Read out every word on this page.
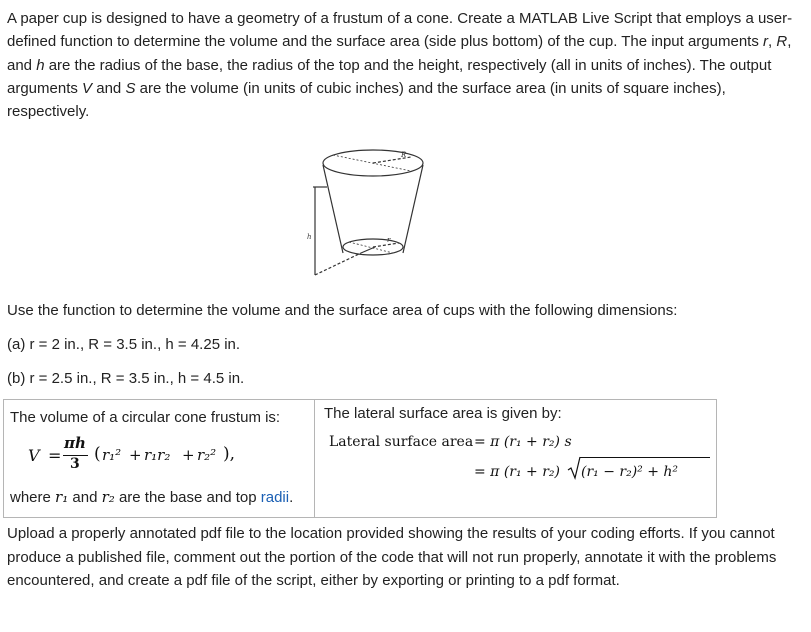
A paper cup is designed to have a geometry of a frustum of a cone. Create a MATLAB Live Script that employs a user-defined function to determine the volume and the surface area (side plus bottom) of the cup. The input arguments r, R, and h are the radius of the base, the radius of the top and the height, respectively (all in units of inches). The output arguments V and S are the volume (in units of cubic inches) and the surface area (in units of square inches), respectively.
R
h	r
Use the function to determine the volume and the surface area of cups with the following dimensions:
(a) r = 2 in., R = 3.5 in., h = 4.25 in.
(b) r = 2.5 in., R = 3.5 in., h = 4.5 in.
The volume of a circular cone frustum is:
V =
πh
3 ( r₁² + r₁r₂ + r₂² ),
where r₁ and r₂ are the base and top radii.
The lateral surface area is given by:
Lateral surface area = π (r₁ + r₂) s
= π (r₁ + r₂) (r₁ − r₂)² + h²
Upload a properly annotated pdf file to the location provided showing the results of your coding efforts. If you cannot produce a published file, comment out the portion of the code that will not run properly, annotate it with the problems encountered, and create a pdf file of the script, either by exporting or printing to a pdf format.
